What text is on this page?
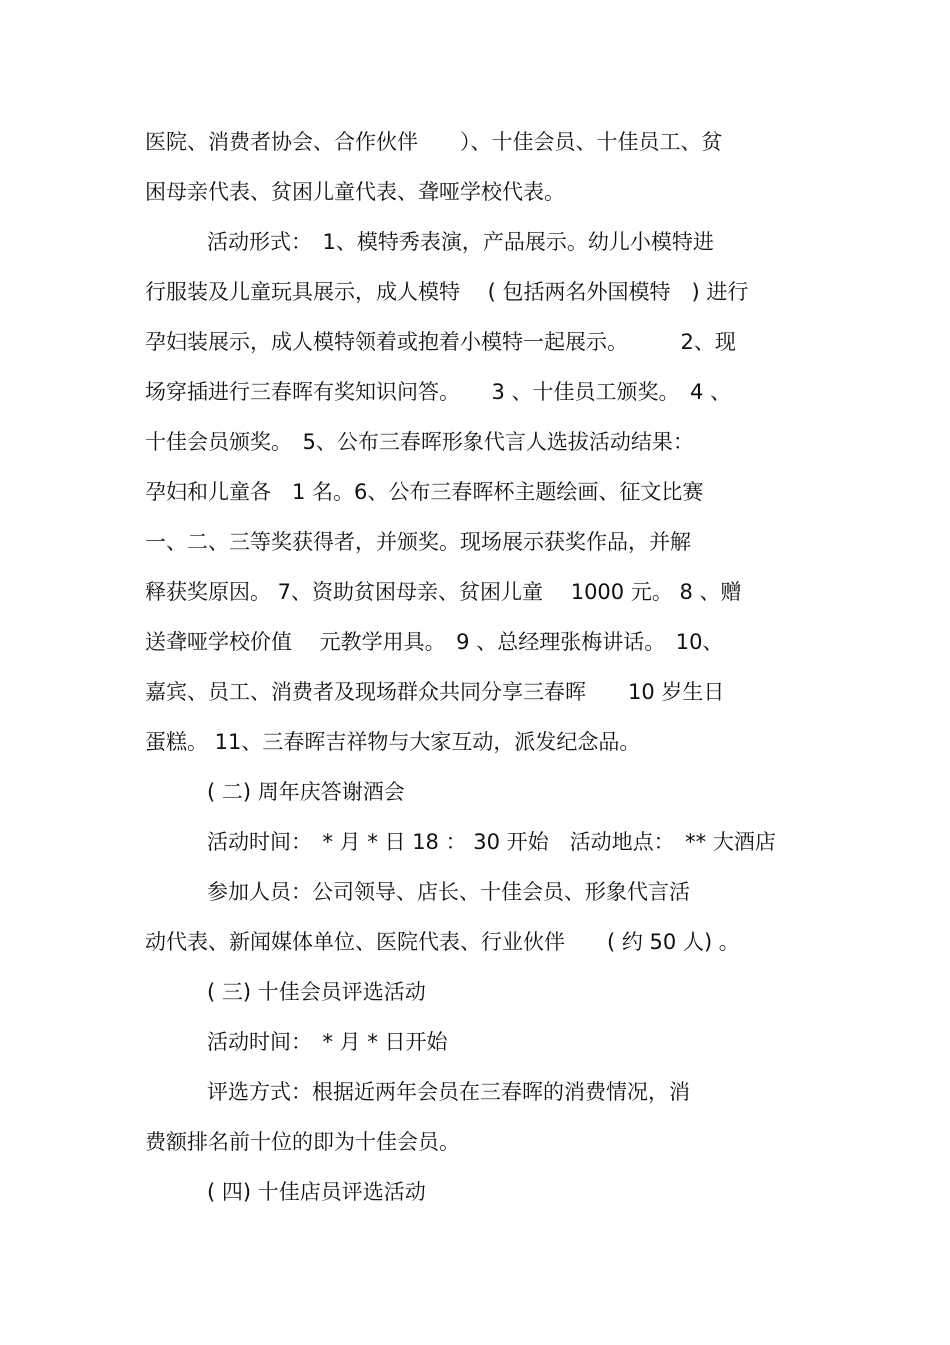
医院、消费者协会、合作伙伴　　）、十佳会员、十佳员工、贫
困母亲代表、贫困儿童代表、聋哑学校代表。
活动形式：　1、模特秀表演，产品展示。幼儿小模特进
行服装及儿童玩具展示，成人模特　 ( 包括两名外国模特　) 进行
孕妇装展示，成人模特领着或抱着小模特一起展示。　　　2、现
场穿插进行三春晖有奖知识问答。　　3 、十佳员工颁奖。　4 、
十佳会员颁奖。　5、公布三春晖形象代言人选拔活动结果：
孕妇和儿童各　1 名。6、公布三春晖杯主题绘画、征文比赛
一、二、三等奖获得者，并颁奖。现场展示获奖作品，并解
释获奖原因。 7、资助贫困母亲、贫困儿童　 1000 元。 8 、赠
送聋哑学校价值　 元教学用具。　9 、总经理张梅讲话。　10、
嘉宾、员工、消费者及现场群众共同分享三春晖　　10 岁生日
蛋糕。 11、三春晖吉祥物与大家互动，派发纪念品。
( 二) 周年庆答谢酒会
活动时间：　* 月 * 日 18 ： 30 开始　活动地点：　** 大酒店
参加人员：公司领导、店长、十佳会员、形象代言活
动代表、新闻媒体单位、医院代表、行业伙伴　　( 约 50 人) 。
( 三) 十佳会员评选活动
活动时间：　* 月 * 日开始
评选方式：根据近两年会员在三春晖的消费情况，消
费额排名前十位的即为十佳会员。
( 四) 十佳店员评选活动
